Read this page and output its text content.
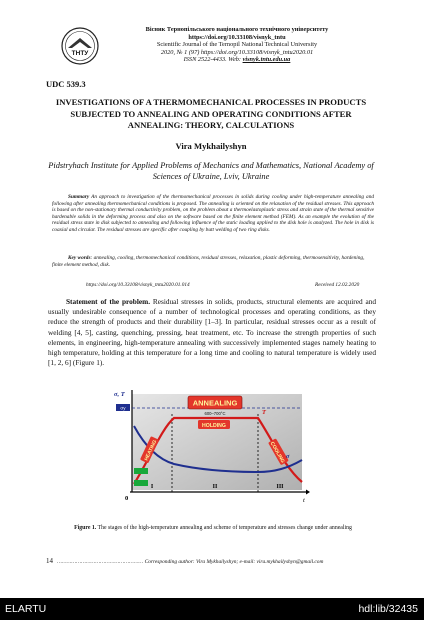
ТНТУ
Вісник Тернопільського національного технічного університету
https://doi.org/10.33108/visnyk_tntu
Scientific Journal of the Ternopil National Technical University
2020, № 1 (97) https://doi.org/10.33108/visnyk_tntu2020.01
ISSN 2522-4433. Web: visnyk.tntu.edu.ua
UDC 539.3
INVESTIGATIONS OF A THERMOMECHANICAL PROCESSES IN PRODUCTS SUBJECTED TO ANNEALING AND OPERATING CONDITIONS AFTER ANNEALING: THEORY, CALCULATIONS
Vira Mykhailyshyn
Pidstryhach Institute for Applied Problems of Mechanics and Mathematics, National Academy of Sciences of Ukraine, Lviv, Ukraine
Summary An approach to investigation of the thermomechanical processes in solids during cooling under high-temperature annealing and following after annealing thermomechanical conditions is proposed. The annealing is oriented on the relaxation of the residual stresses. This approach is based on the non-stationary thermal conductivity problem, on the problem about a thermoelastoplastic stress and strain state of the thermal sensitive hardenable solids in the deforming process and also on the software based on the finite element method (FEM). As an example the evolution of the residual stress state in disk subjected to annealing and following influence of the static loading applied to the disk hole is analyzed. The hole in disk is coaxial and circular. The residual stresses are specific after coupling by butt welding of two ring disks.
Key words: annealing, cooling, thermomechanical conditions, residual stresses, relaxation, plastic deforming, thermosensitivity, hardening, finite element method, disk.
https://doi.org/10.33108/visnyk_tntu2020.01.014	Received 12.02.2020
Statement of the problem. Residual stresses in solids, products, structural elements are acquired and usually undesirable consequence of a number of technological processes and operating conditions, as they reduce the strength of products and their durability [1–3]. In particular, residual stresses occur as a result of welding [4, 5], casting, quenching, pressing, heat treatment, etc. To increase the strength properties of such elements, in engineering, high-temperature annealing with successively implemented stages namely heating to high temperature, holding at this temperature for a long time and cooling to natural temperature is widely used [1, 2, 6] (Figure 1).
ANNEALING
600–700°C
HOLDING
HEATING	COOLING
σy
σ, T
T
σ
0	t
I	II	III
Figure 1. The stages of the high-temperature annealing and scheme of temperature and stresses change under annealing
14 ……………………………………………… Corresponding author: Vira Mykhailyshyn; e-mail: vira.mykhailyshyn@gmail.com
ELARTU	hdl:lib/32435
